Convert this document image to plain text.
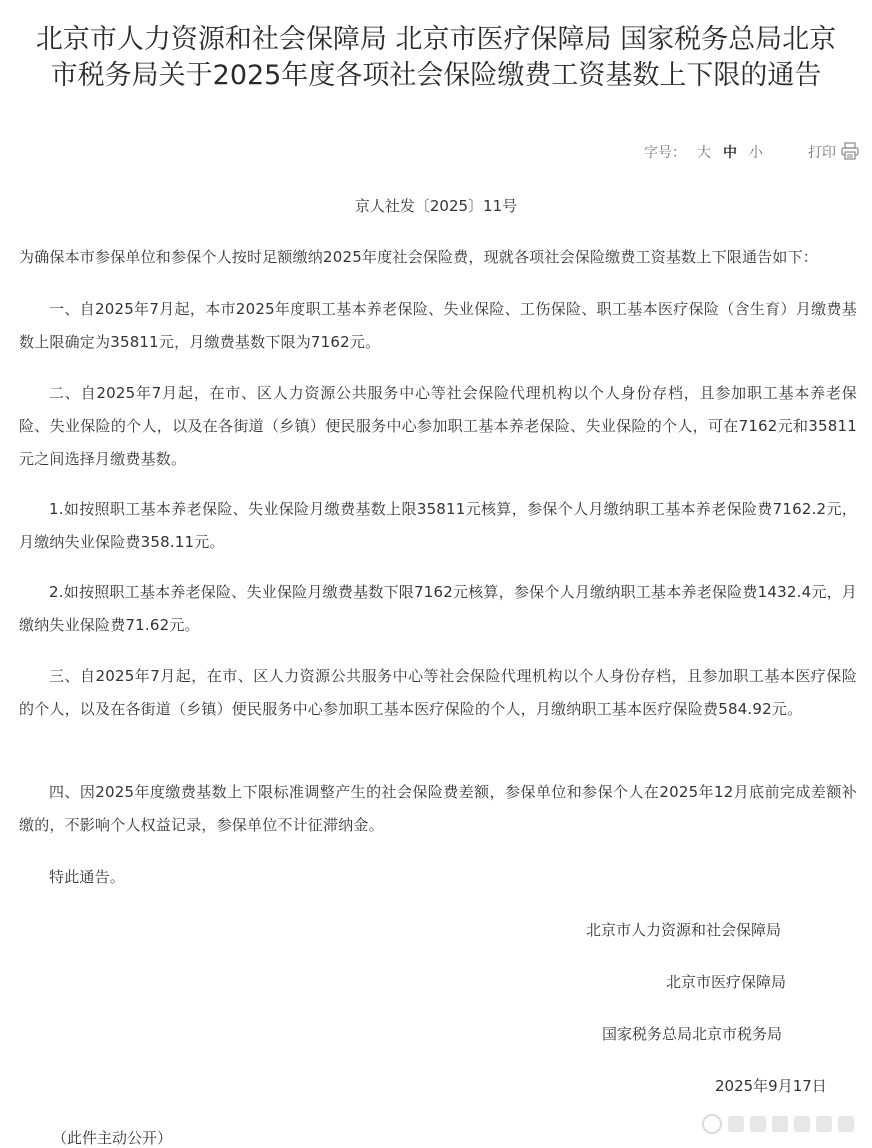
北京市人力资源和社会保障局 北京市医疗保障局 国家税务总局北京
市税务局关于2025年度各项社会保险缴费工资基数上下限的通告
字号： 大 中 小	打印
京人社发〔2025〕11号

为确保本市参保单位和参保个人按时足额缴纳2025年度社会保险费，现就各项社会保险缴费工资基数上下限通告如下：

一、自2025年7月起，本市2025年度职工基本养老保险、失业保险、工伤保险、职工基本医疗保险（含生育）月缴费基数上限确定为35811元，月缴费基数下限为7162元。

二、自2025年7月起，在市、区人力资源公共服务中心等社会保险代理机构以个人身份存档，且参加职工基本养老保险、失业保险的个人，以及在各街道（乡镇）便民服务中心参加职工基本养老保险、失业保险的个人，可在7162元和35811元之间选择月缴费基数。

1.如按照职工基本养老保险、失业保险月缴费基数上限35811元核算，参保个人月缴纳职工基本养老保险费7162.2元，月缴纳失业保险费358.11元。

2.如按照职工基本养老保险、失业保险月缴费基数下限7162元核算，参保个人月缴纳职工基本养老保险费1432.4元，月缴纳失业保险费71.62元。

三、自2025年7月起，在市、区人力资源公共服务中心等社会保险代理机构以个人身份存档，且参加职工基本医疗保险的个人，以及在各街道（乡镇）便民服务中心参加职工基本医疗保险的个人，月缴纳职工基本医疗保险费584.92元。

四、因2025年度缴费基数上下限标准调整产生的社会保险费差额，参保单位和参保个人在2025年12月底前完成差额补缴的，不影响个人权益记录，参保单位不计征滞纳金。

特此通告。

北京市人力资源和社会保障局
北京市医疗保障局
国家税务总局北京市税务局
2025年9月17日
（此件主动公开）
